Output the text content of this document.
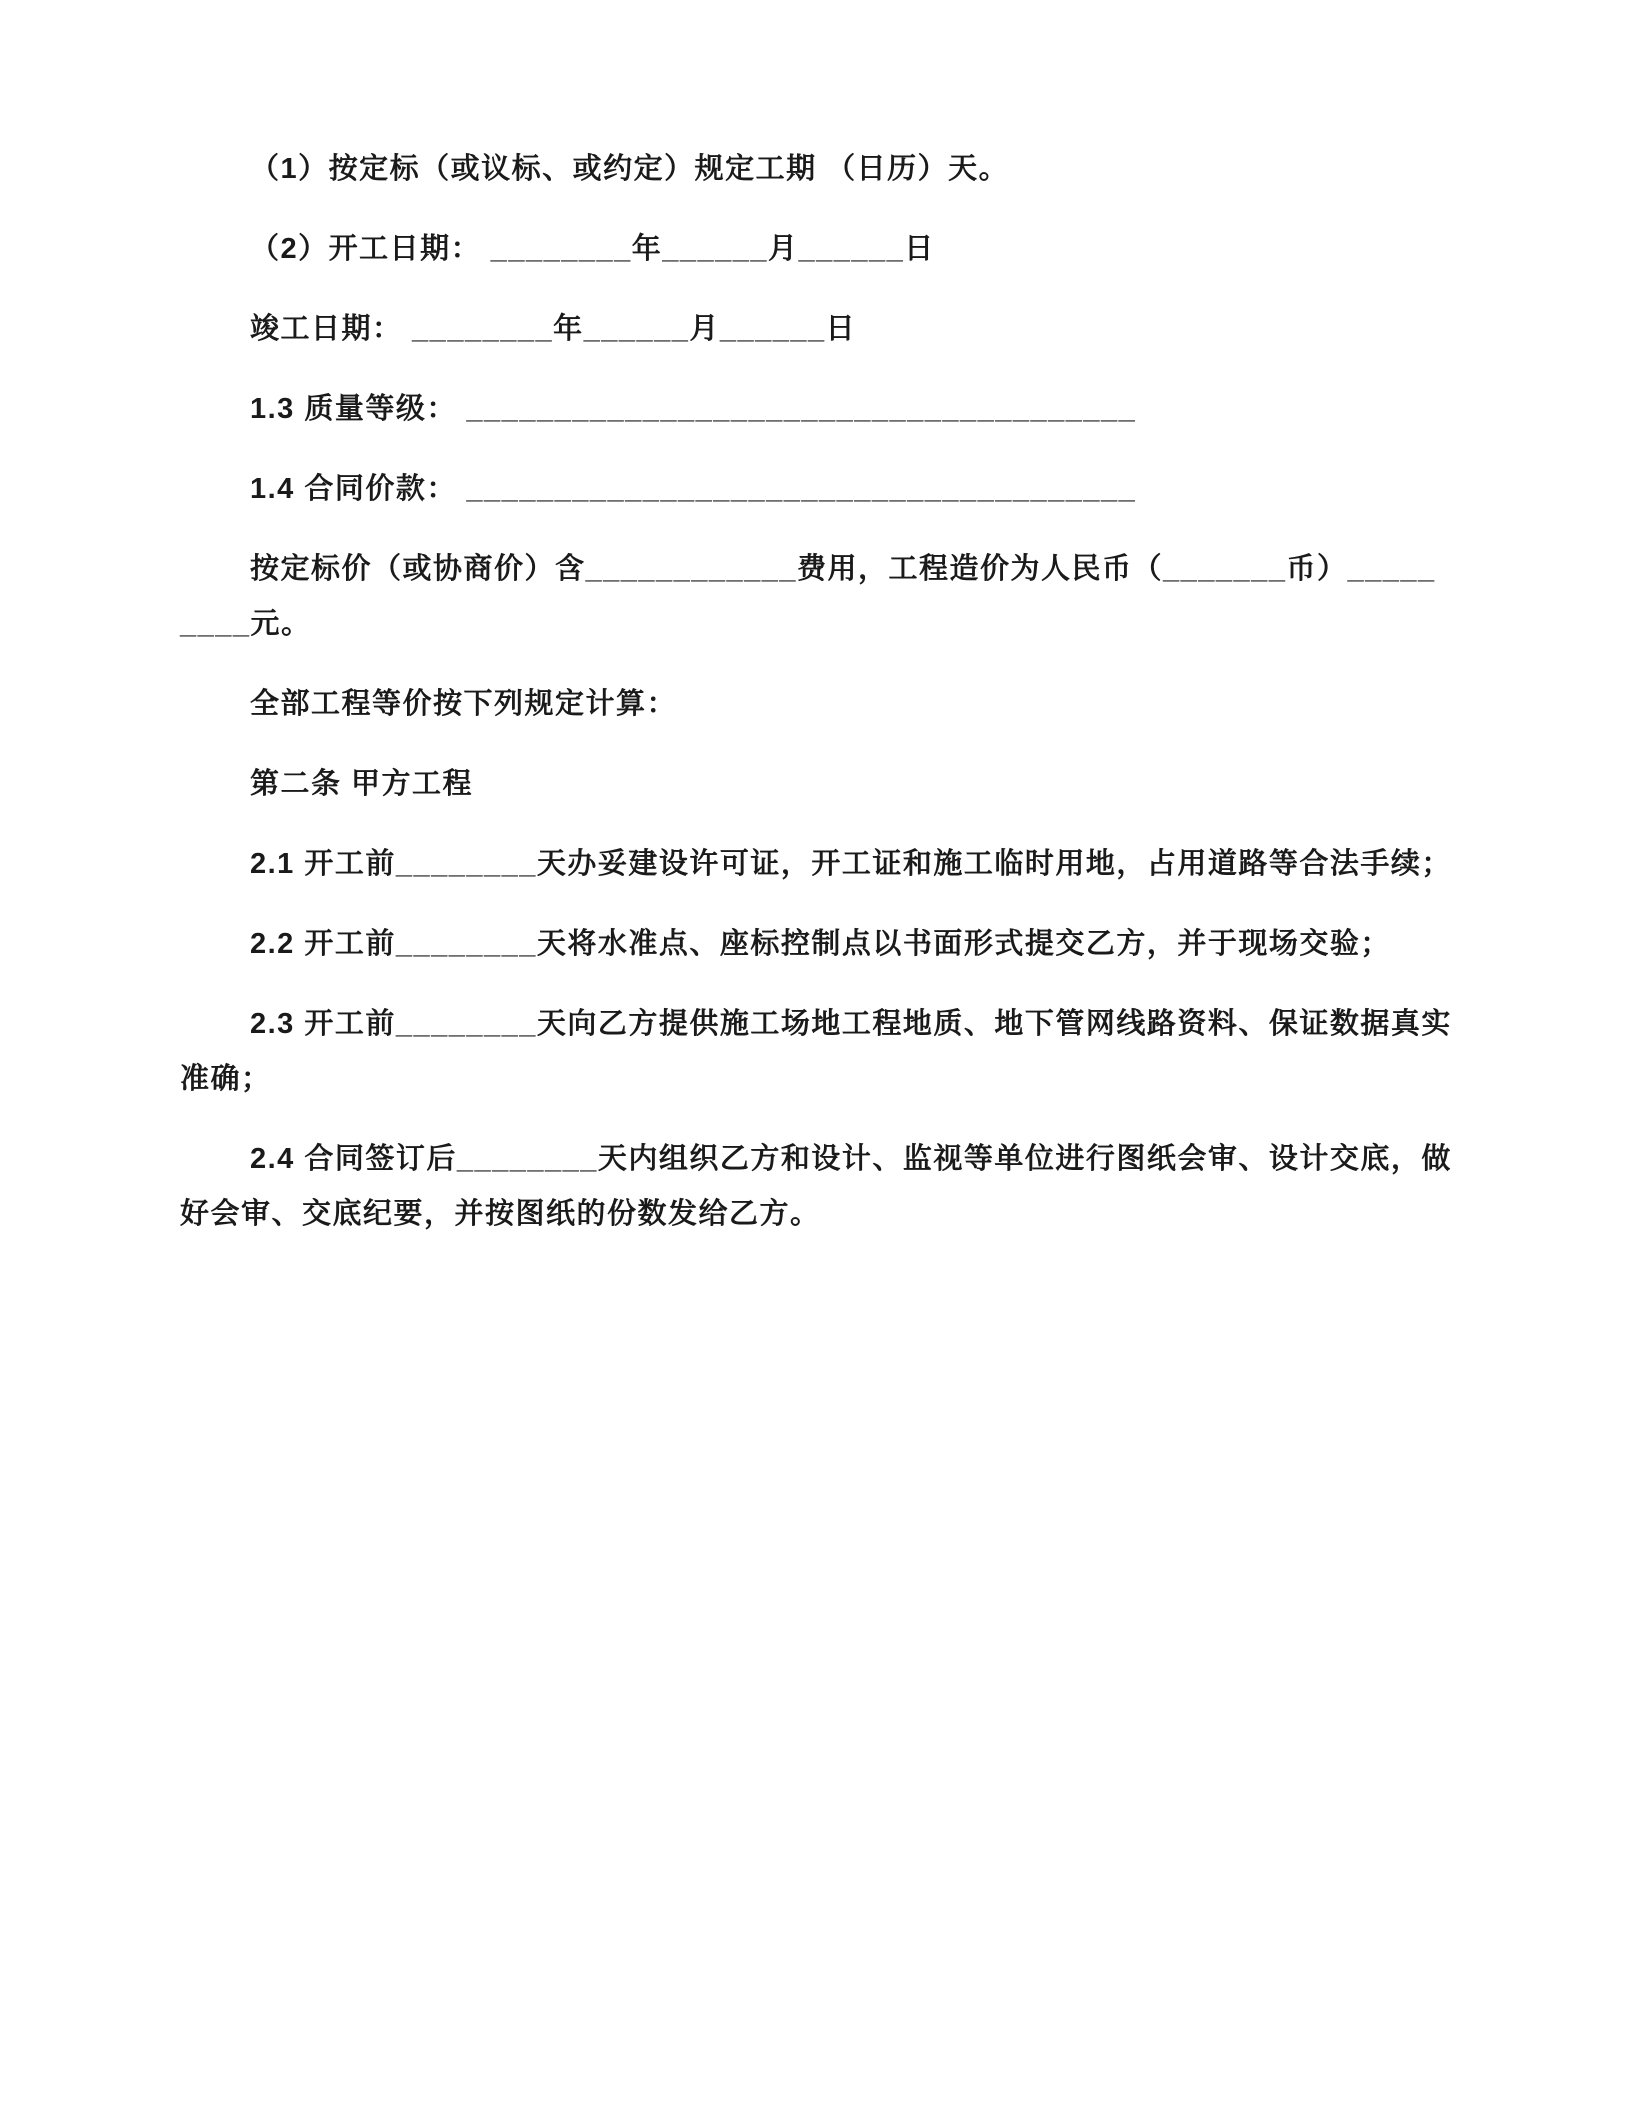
（1）按定标（或议标、或约定）规定工期 （日历）天。

（2）开工日期： ________年______月______日

竣工日期： ________年______月______日

1.3 质量等级： ______________________________________

1.4 合同价款： ______________________________________

按定标价（或协商价）含____________费用，工程造价为人民币（_______币）_________元。

全部工程等价按下列规定计算：

第二条 甲方工程

2.1 开工前________天办妥建设许可证，开工证和施工临时用地，占用道路等合法手续；

2.2 开工前________天将水准点、座标控制点以书面形式提交乙方，并于现场交验；

2.3 开工前________天向乙方提供施工场地工程地质、地下管网线路资料、保证数据真实准确；

2.4 合同签订后________天内组织乙方和设计、监视等单位进行图纸会审、设计交底，做好会审、交底纪要，并按图纸的份数发给乙方。
